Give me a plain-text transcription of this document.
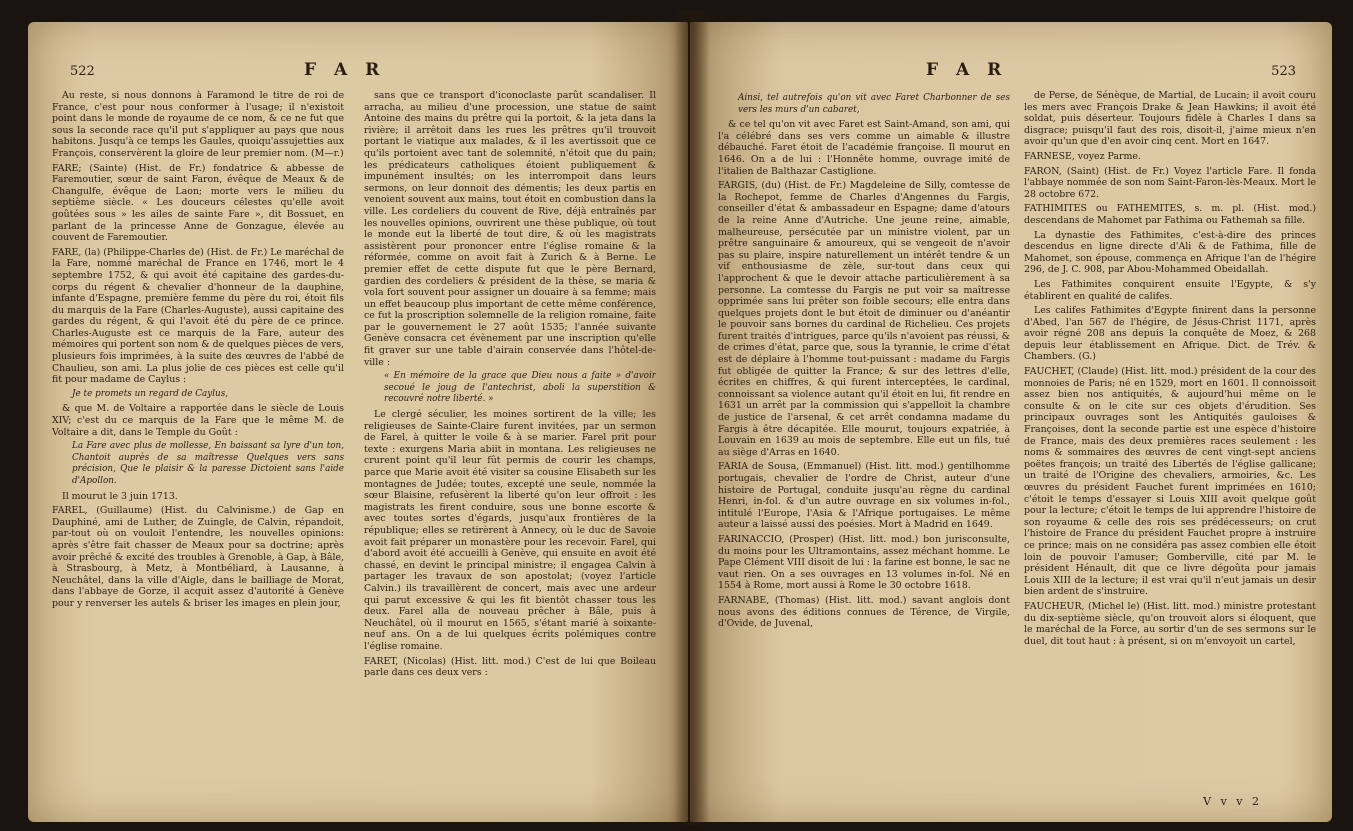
522	F A R

Au reste, si nous donnons à Faramond le titre de roi de France, c'est pour nous conformer à l'usage; il n'existoit point dans le monde de royaume de ce nom, & ce ne fut que sous la seconde race qu'il put s'appliquer au pays que nous habitons. Jusqu'à ce temps les Gaules, quoiqu'assujetties aux François, conservèrent la gloire de leur premier nom. (M—r.)

FARE; (Sainte) (Hist. de Fr.) fondatrice & abbesse de Faremoutier, sœur de saint Faron, évêque de Meaux & de Changulfe, évêque de Laon; morte vers le milieu du septième siècle. « Les douceurs célestes qu'elle avoit goûtées sous » les ailes de sainte Fare », dit Bossuet, en parlant de la princesse Anne de Gonzague, élevée au couvent de Faremoutier.

FARE, (la) (Philippe-Charles de) (Hist. de Fr.) Le maréchal de la Fare, nommé maréchal de France en 1746, mort le 4 septembre 1752, & qui avoit été capitaine des gardes-du-corps du régent & chevalier d'honneur de la dauphine, infante d'Espagne, première femme du père du roi, étoit fils du marquis de la Fare (Charles-Auguste), aussi capitaine des gardes du régent, & qui l'avoit été du père de ce prince. Charles-Auguste est ce marquis de la Fare, auteur des mémoires qui portent son nom & de quelques pièces de vers, plusieurs fois imprimées, à la suite des œuvres de l'abbé de Chaulieu, son ami. La plus jolie de ces pièces est celle qu'il fit pour madame de Caylus :

Je te promets un regard de Caylus,

& que M. de Voltaire a rapportée dans le siècle de Louis XIV; c'est du ce marquis de la Fare que le même M. de Voltaire a dit, dans le Temple du Goût :

La Fare avec plus de mollesse, En baissant sa lyre d'un ton, Chantoit auprès de sa maîtresse Quelques vers sans précision, Que le plaisir & la paresse Dictoient sans l'aide d'Apollon.

Il mourut le 3 juin 1713.

FAREL, (Guillaume) (Hist. du Calvinisme.) de Gap en Dauphiné, ami de Luther, de Zuingle, de Calvin, répandoit, par-tout où on vouloit l'entendre, les nouvelles opinions: après s'être fait chasser de Meaux pour sa doctrine; après avoir prêché & excité des troubles à Grenoble, à Gap, à Bâle, à Strasbourg, à Metz, à Montbéliard, à Lausanne, à Neuchâtel, dans la ville d'Aigle, dans le bailliage de Morat, dans l'abbaye de Gorze, il acquit assez d'autorité à Genève pour y renverser les autels & briser les images en plein jour,

sans que ce transport d'iconoclaste parût scandaliser. Il arracha, au milieu d'une procession, une statue de saint Antoine des mains du prêtre qui la portoit, & la jeta dans la rivière; il arrêtoit dans les rues les prêtres qu'il trouvoit portant le viatique aux malades, & il les avertissoit que ce qu'ils portoient avec tant de solemnité, n'étoit que du pain; les prédicateurs catholiques étoient publiquement & impunément insultés; on les interrompoit dans leurs sermons, on leur donnoit des démentis; les deux partis en venoient souvent aux mains, tout étoit en combustion dans la ville. Les cordeliers du couvent de Rive, déjà entraînés par les nouvelles opinions, ouvrirent une thèse publique, où tout le monde eut la liberté de tout dire, & où les magistrats assistèrent pour prononcer entre l'église romaine & la réformée, comme on avoit fait à Zurich & à Berne. Le premier effet de cette dispute fut que le père Bernard, gardien des cordeliers & président de la thèse, se maria & vola fort souvent pour assigner un douaire à sa femme; mais un effet beaucoup plus important de cette même conférence, ce fut la proscription solemnelle de la religion romaine, faite par le gouvernement le 27 août 1535; l'année suivante Genève consacra cet évènement par une inscription qu'elle fit graver sur une table d'airain conservée dans l'hôtel-de-ville :

« En mémoire de la grace que Dieu nous a faite » d'avoir secoué le joug de l'antechrist, aboli la superstition & recouvré notre liberté. »

Le clergé séculier, les moines sortirent de la ville; les religieuses de Sainte-Claire furent invitées, par un sermon de Farel, à quitter le voile & à se marier. Farel prit pour texte : exurgens Maria abiit in montana. Les religieuses ne crurent point qu'il leur fût permis de courir les champs, parce que Marie avoit été visiter sa cousine Elisabeth sur les montagnes de Judée; toutes, excepté une seule, nommée la sœur Blaisine, refusèrent la liberté qu'on leur offroit : les magistrats les firent conduire, sous une bonne escorte & avec toutes sortes d'égards, jusqu'aux frontières de la république; elles se retirèrent à Annecy, où le duc de Savoie avoit fait préparer un monastère pour les recevoir. Farel, qui d'abord avoit été accueilli à Genève, qui ensuite en avoit été chassé, en devint le principal ministre; il engagea Calvin à partager les travaux de son apostolat; (voyez l'article Calvin.) ils travaillèrent de concert, mais avec une ardeur qui parut excessive & qui les fit bientôt chasser tous les deux. Farel alla de nouveau prêcher à Bâle, puis à Neuchâtel, où il mourut en 1565, s'étant marié à soixante-neuf ans. On a de lui quelques écrits polémiques contre l'église romaine.

FARET, (Nicolas) (Hist. litt. mod.) C'est de lui que Boileau parle dans ces deux vers :

F A R	523

Ainsi, tel autrefois qu'on vit avec Faret Charbonner de ses vers les murs d'un cabaret,

& ce tel qu'on vit avec Faret est Saint-Amand, son ami, qui l'a célébré dans ses vers comme un aimable & illustre débauché. Faret étoit de l'académie françoise. Il mourut en 1646. On a de lui : l'Honnête homme, ouvrage imité de l'italien de Balthazar Castiglione.

FARGIS, (du) (Hist. de Fr.) Magdeleine de Silly, comtesse de la Rochepot, femme de Charles d'Angennes du Fargis, conseiller d'état & ambassadeur en Espagne; dame d'atours de la reine Anne d'Autriche. Une jeune reine, aimable, malheureuse, persécutée par un ministre violent, par un prêtre sanguinaire & amoureux, qui se vengeoit de n'avoir pas su plaire, inspire naturellement un intérêt tendre & un vif enthousiasme de zèle, sur-tout dans ceux qui l'approchent & que le devoir attache particulièrement à sa personne. La comtesse du Fargis ne put voir sa maîtresse opprimée sans lui prêter son foible secours; elle entra dans quelques projets dont le but étoit de diminuer ou d'anéantir le pouvoir sans bornes du cardinal de Richelieu. Ces projets furent traités d'intrigues, parce qu'ils n'avoient pas réussi, & de crimes d'état, parce que, sous la tyrannie, le crime d'état est de déplaire à l'homme tout-puissant : madame du Fargis fut obligée de quitter la France; & sur des lettres d'elle, écrites en chiffres, & qui furent interceptées, le cardinal, connoissant sa violence autant qu'il étoit en lui, fit rendre en 1631 un arrêt par la commission qui s'appelloit la chambre de justice de l'arsenal, & cet arrêt condamna madame du Fargis à être décapitée. Elle mourut, toujours expatriée, à Louvain en 1639 au mois de septembre. Elle eut un fils, tué au siège d'Arras en 1640.

FARIA de Sousa, (Emmanuel) (Hist. litt. mod.) gentilhomme portugais, chevalier de l'ordre de Christ, auteur d'une histoire de Portugal, conduite jusqu'au règne du cardinal Henri, in-fol. & d'un autre ouvrage en six volumes in-fol., intitulé l'Europe, l'Asia & l'Afrique portugaises. Le même auteur a laissé aussi des poésies. Mort à Madrid en 1649.

FARINACCIO, (Prosper) (Hist. litt. mod.) bon jurisconsulte, du moins pour les Ultramontains, assez méchant homme. Le Pape Clément VIII disoit de lui : la farine est bonne, le sac ne vaut rien. On a ses ouvrages en 13 volumes in-fol. Né en 1554 à Rome, mort aussi à Rome le 30 octobre 1618.

FARNABE, (Thomas) (Hist. litt. mod.) savant anglois dont nous avons des éditions connues de Térence, de Virgile, d'Ovide, de Juvenal,

de Perse, de Sénèque, de Martial, de Lucain; il avoit couru les mers avec François Drake & Jean Hawkins; il avoit été soldat, puis déserteur. Toujours fidèle à Charles I dans sa disgrace; puisqu'il faut des rois, disoit-il, j'aime mieux n'en avoir qu'un que d'en avoir cinq cent. Mort en 1647.

FARNESE, voyez Parme.

FARON, (Saint) (Hist. de Fr.) Voyez l'article Fare. Il fonda l'abbaye nommée de son nom Saint-Faron-lès-Meaux. Mort le 28 octobre 672.

FATHIMITES ou FATHEMITES, s. m. pl. (Hist. mod.) descendans de Mahomet par Fathima ou Fathemah sa fille.

La dynastie des Fathimites, c'est-à-dire des princes descendus en ligne directe d'Ali & de Fathima, fille de Mahomet, son épouse, commença en Afrique l'an de l'hégire 296, de J. C. 908, par Abou-Mohammed Obeidallah.

Les Fathimites conquirent ensuite l'Egypte, & s'y établirent en qualité de califes.

Les califes Fathimites d'Egypte finirent dans la personne d'Abed, l'an 567 de l'hégire, de Jésus-Christ 1171, après avoir régné 208 ans depuis la conquête de Moez, & 268 depuis leur établissement en Afrique. Dict. de Trév. & Chambers. (G.)

FAUCHET, (Claude) (Hist. litt. mod.) président de la cour des monnoies de Paris; né en 1529, mort en 1601. Il connoissoit assez bien nos antiquités, & aujourd'hui même on le consulte & on le cite sur ces objets d'érudition. Ses principaux ouvrages sont les Antiquités gauloises & Françoises, dont la seconde partie est une espèce d'histoire de France, mais des deux premières races seulement : les noms & sommaires des œuvres de cent vingt-sept anciens poëtes françois; un traité des Libertés de l'église gallicane; un traité de l'Origine des chevaliers, armoiries, &c. Les œuvres du président Fauchet furent imprimées en 1610; c'étoit le temps d'essayer si Louis XIII avoit quelque goût pour la lecture; c'étoit le temps de lui apprendre l'histoire de son royaume & celle des rois ses prédécesseurs; on crut l'histoire de France du président Fauchet propre à instruire ce prince; mais on ne considéra pas assez combien elle étoit loin de pouvoir l'amuser; Gomberville, cité par M. le président Hénault, dit que ce livre dégoûta pour jamais Louis XIII de la lecture; il est vrai qu'il n'eut jamais un desir bien ardent de s'instruire.

FAUCHEUR, (Michel le) (Hist. litt. mod.) ministre protestant du dix-septième siècle, qu'on trouvoit alors si éloquent, que le maréchal de la Force, au sortir d'un de ses sermons sur le duel, dit tout haut : à présent, si on m'envoyoit un cartel,

V v v 2
